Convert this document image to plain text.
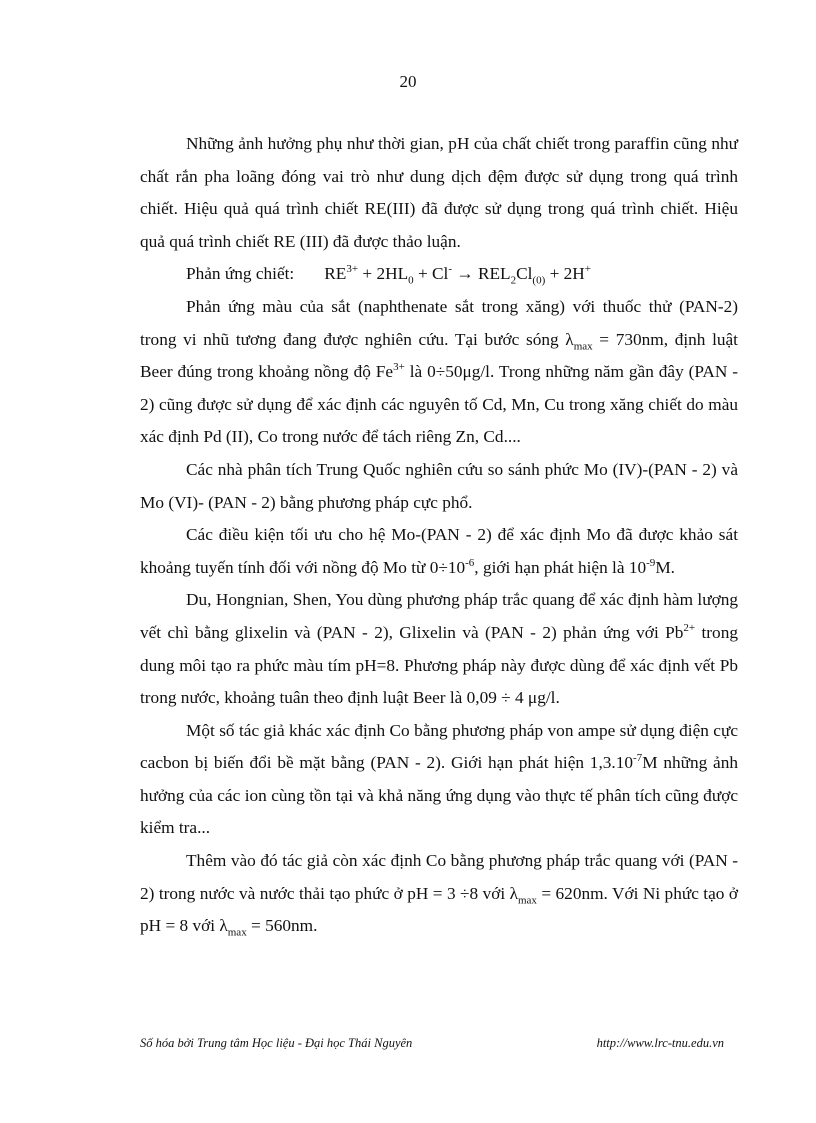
20

Những ảnh hưởng phụ như thời gian, pH của chất chiết trong paraffin cũng như chất rắn pha loãng đóng vai trò như dung dịch đệm được sử dụng trong quá trình chiết. Hiệu quả quá trình chiết RE(III) đã được sử dụng trong quá trình chiết. Hiệu quả quá trình chiết RE (III) đã được thảo luận.

Phản ứng chiết: $RE^{3+} + 2HL_0 + Cl^- \to REL_2Cl_{(0)} + 2H^+$

Phản ứng màu của sắt (naphthenate sắt trong xăng) với thuốc thử (PAN-2) trong vi nhũ tương đang được nghiên cứu. Tại bước sóng $\lambda_{max} = 730nm$, định luật Beer đúng trong khoảng nồng độ $Fe^{3+}$ là 0÷50μg/l. Trong những năm gần đây (PAN - 2) cũng được sử dụng để xác định các nguyên tố Cd, Mn, Cu trong xăng chiết do màu xác định Pd (II), Co trong nước để tách riêng Zn, Cd....

Các nhà phân tích Trung Quốc nghiên cứu so sánh phức Mo (IV)-(PAN - 2) và Mo (VI)- (PAN - 2) bằng phương pháp cực phổ.

Các điều kiện tối ưu cho hệ Mo-(PAN - 2) để xác định Mo đã được khảo sát khoảng tuyến tính đối với nồng độ Mo từ $0\div 10^{-6}$, giới hạn phát hiện là $10^{-9}M$.

Du, Hongnian, Shen, You dùng phương pháp trắc quang để xác định hàm lượng vết chì bằng glixelin và (PAN - 2), Glixelin và (PAN - 2) phản ứng với $Pb^{2+}$ trong dung môi tạo ra phức màu tím pH=8. Phương pháp này được dùng để xác định vết Pb trong nước, khoảng tuân theo định luật Beer là 0,09 ÷ 4 μg/l.

Một số tác giả khác xác định Co bằng phương pháp von ampe sử dụng điện cực cacbon bị biến đổi bề mặt bằng (PAN - 2). Giới hạn phát hiện $1,3.10^{-7}M$ những ảnh hưởng của các ion cùng tồn tại và khả năng ứng dụng vào thực tế phân tích cũng được kiểm tra...

Thêm vào đó tác giả còn xác định Co bằng phương pháp trắc quang với (PAN - 2) trong nước và nước thải tạo phức ở pH = 3 ÷8 với $\lambda_{max} = 620nm$. Với Ni phức tạo ở pH = 8 với $\lambda_{max} = 560nm$.

Số hóa bởi Trung tâm Học liệu - Đại học Thái Nguyên	http://www.lrc-tnu.edu.vn
